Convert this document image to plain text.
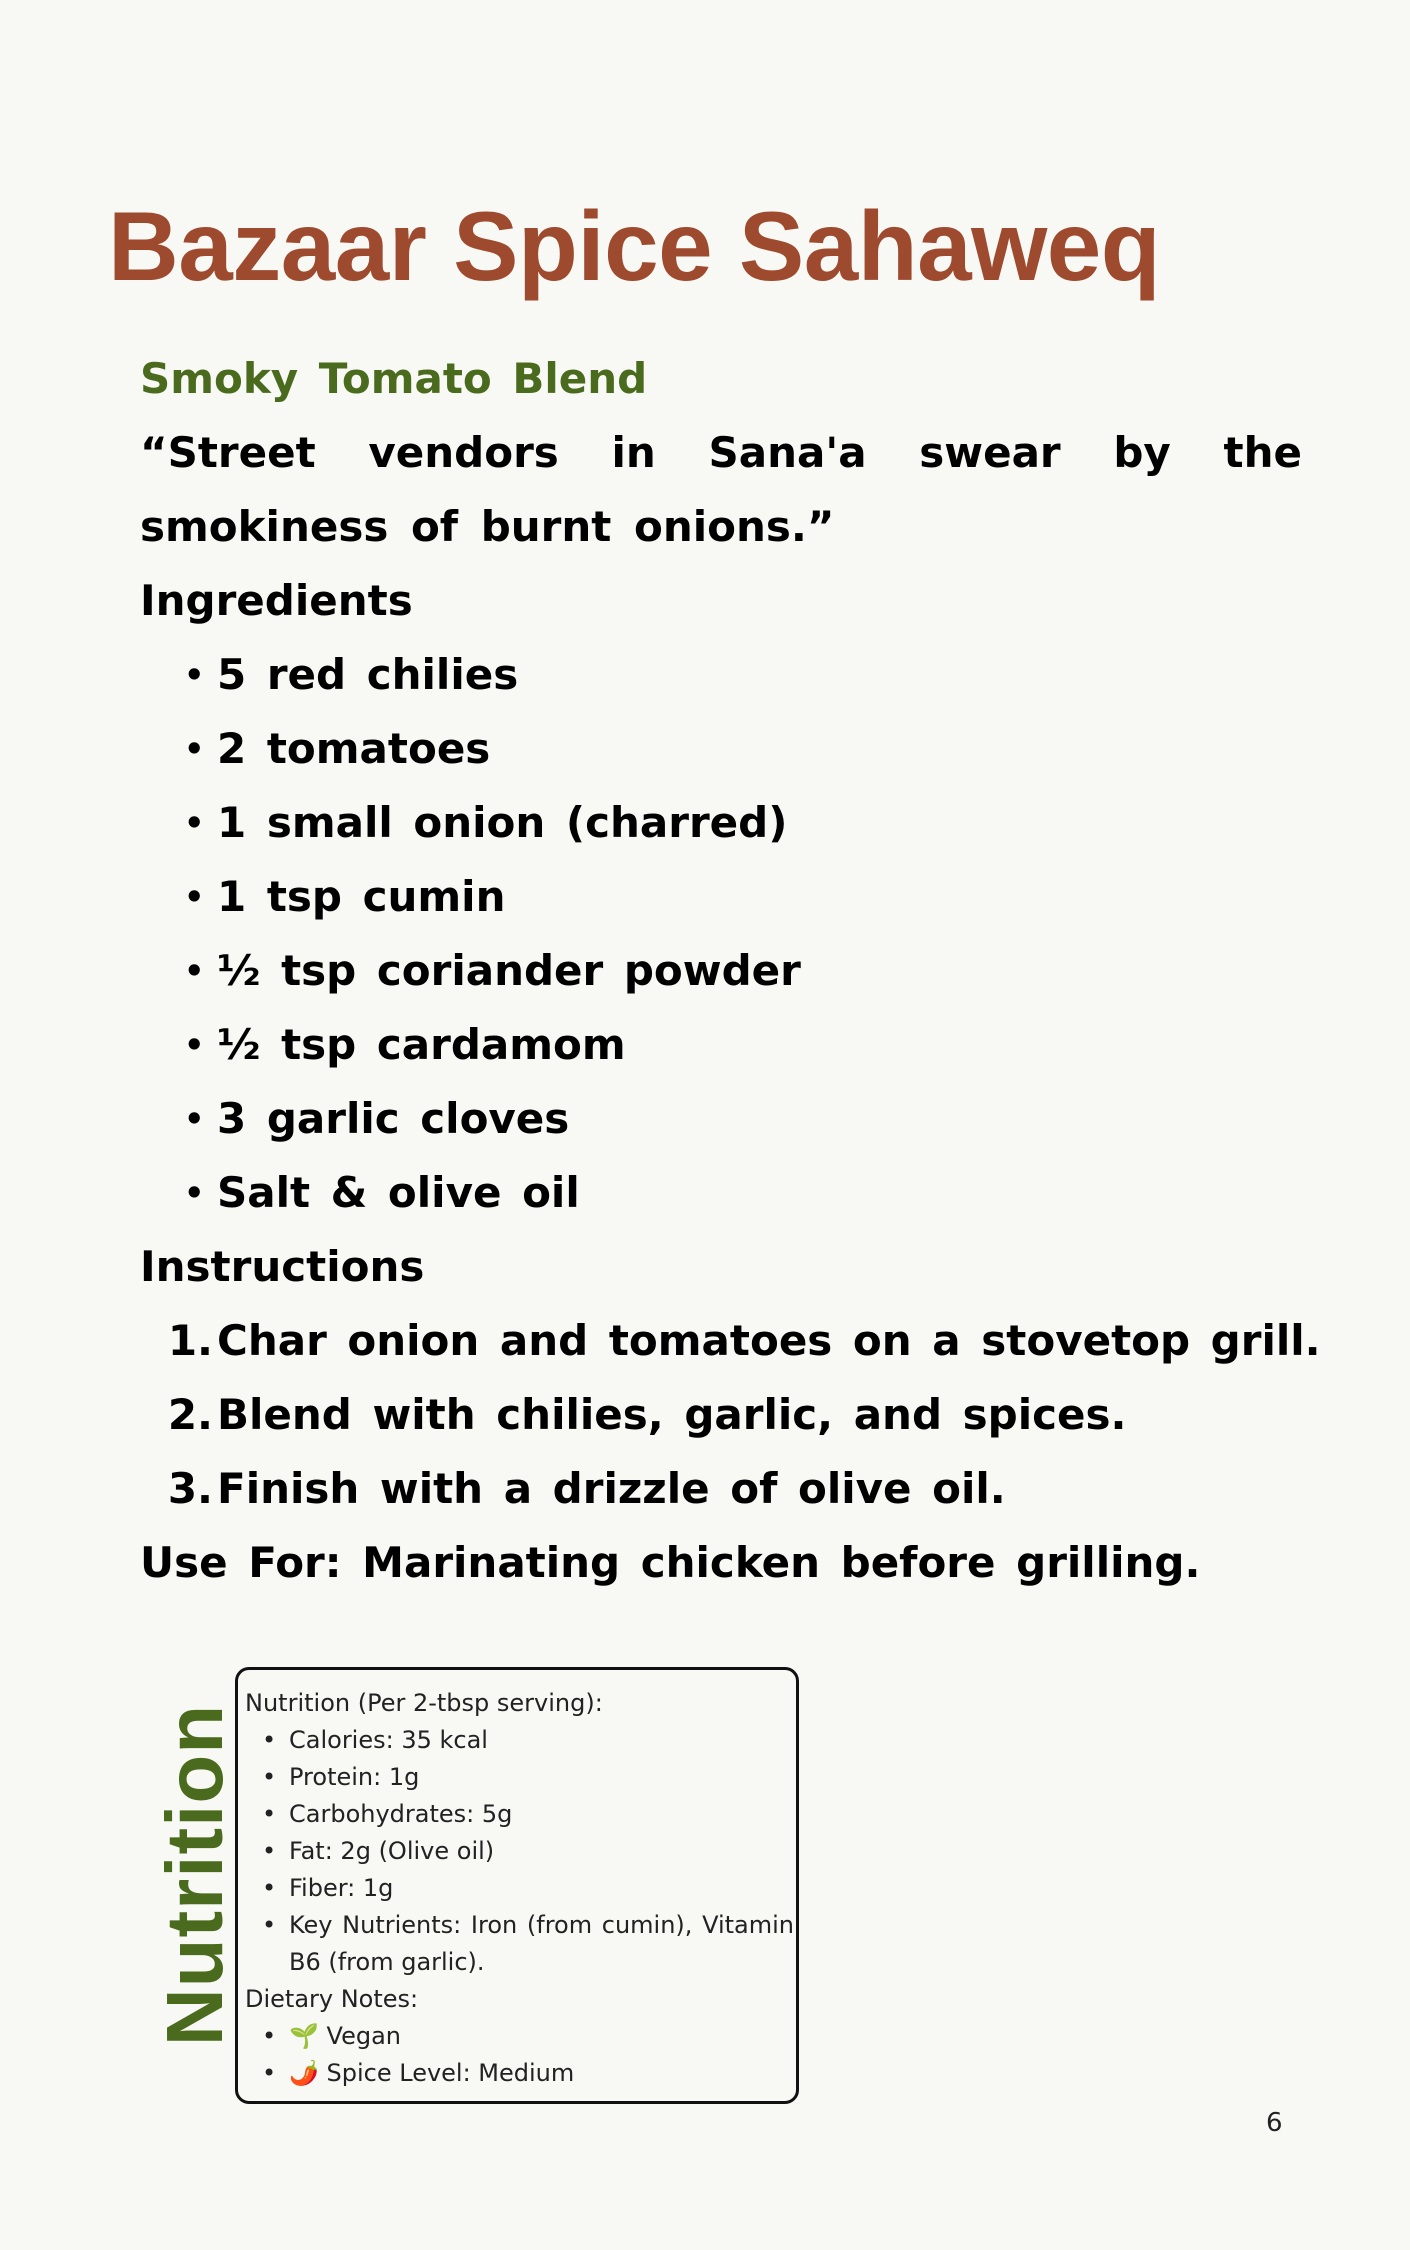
Bazaar Spice Sahaweq
Smoky Tomato Blend
“Street vendors in Sana'a swear by the smokiness of burnt onions.”
Ingredients
• 5 red chilies
• 2 tomatoes
• 1 small onion (charred)
• 1 tsp cumin
• ½ tsp coriander powder
• ½ tsp cardamom
• 3 garlic cloves
• Salt & olive oil
Instructions
1. Char onion and tomatoes on a stovetop grill.
2. Blend with chilies, garlic, and spices.
3. Finish with a drizzle of olive oil.
Use For: Marinating chicken before grilling.
Nutrition
Nutrition (Per 2-tbsp serving):
• Calories: 35 kcal
• Protein: 1g
• Carbohydrates: 5g
• Fat: 2g (Olive oil)
• Fiber: 1g
• Key Nutrients: Iron (from cumin), Vitamin B6 (from garlic).
Dietary Notes:
• 🌱 Vegan
• 🌶️ Spice Level: Medium
6
